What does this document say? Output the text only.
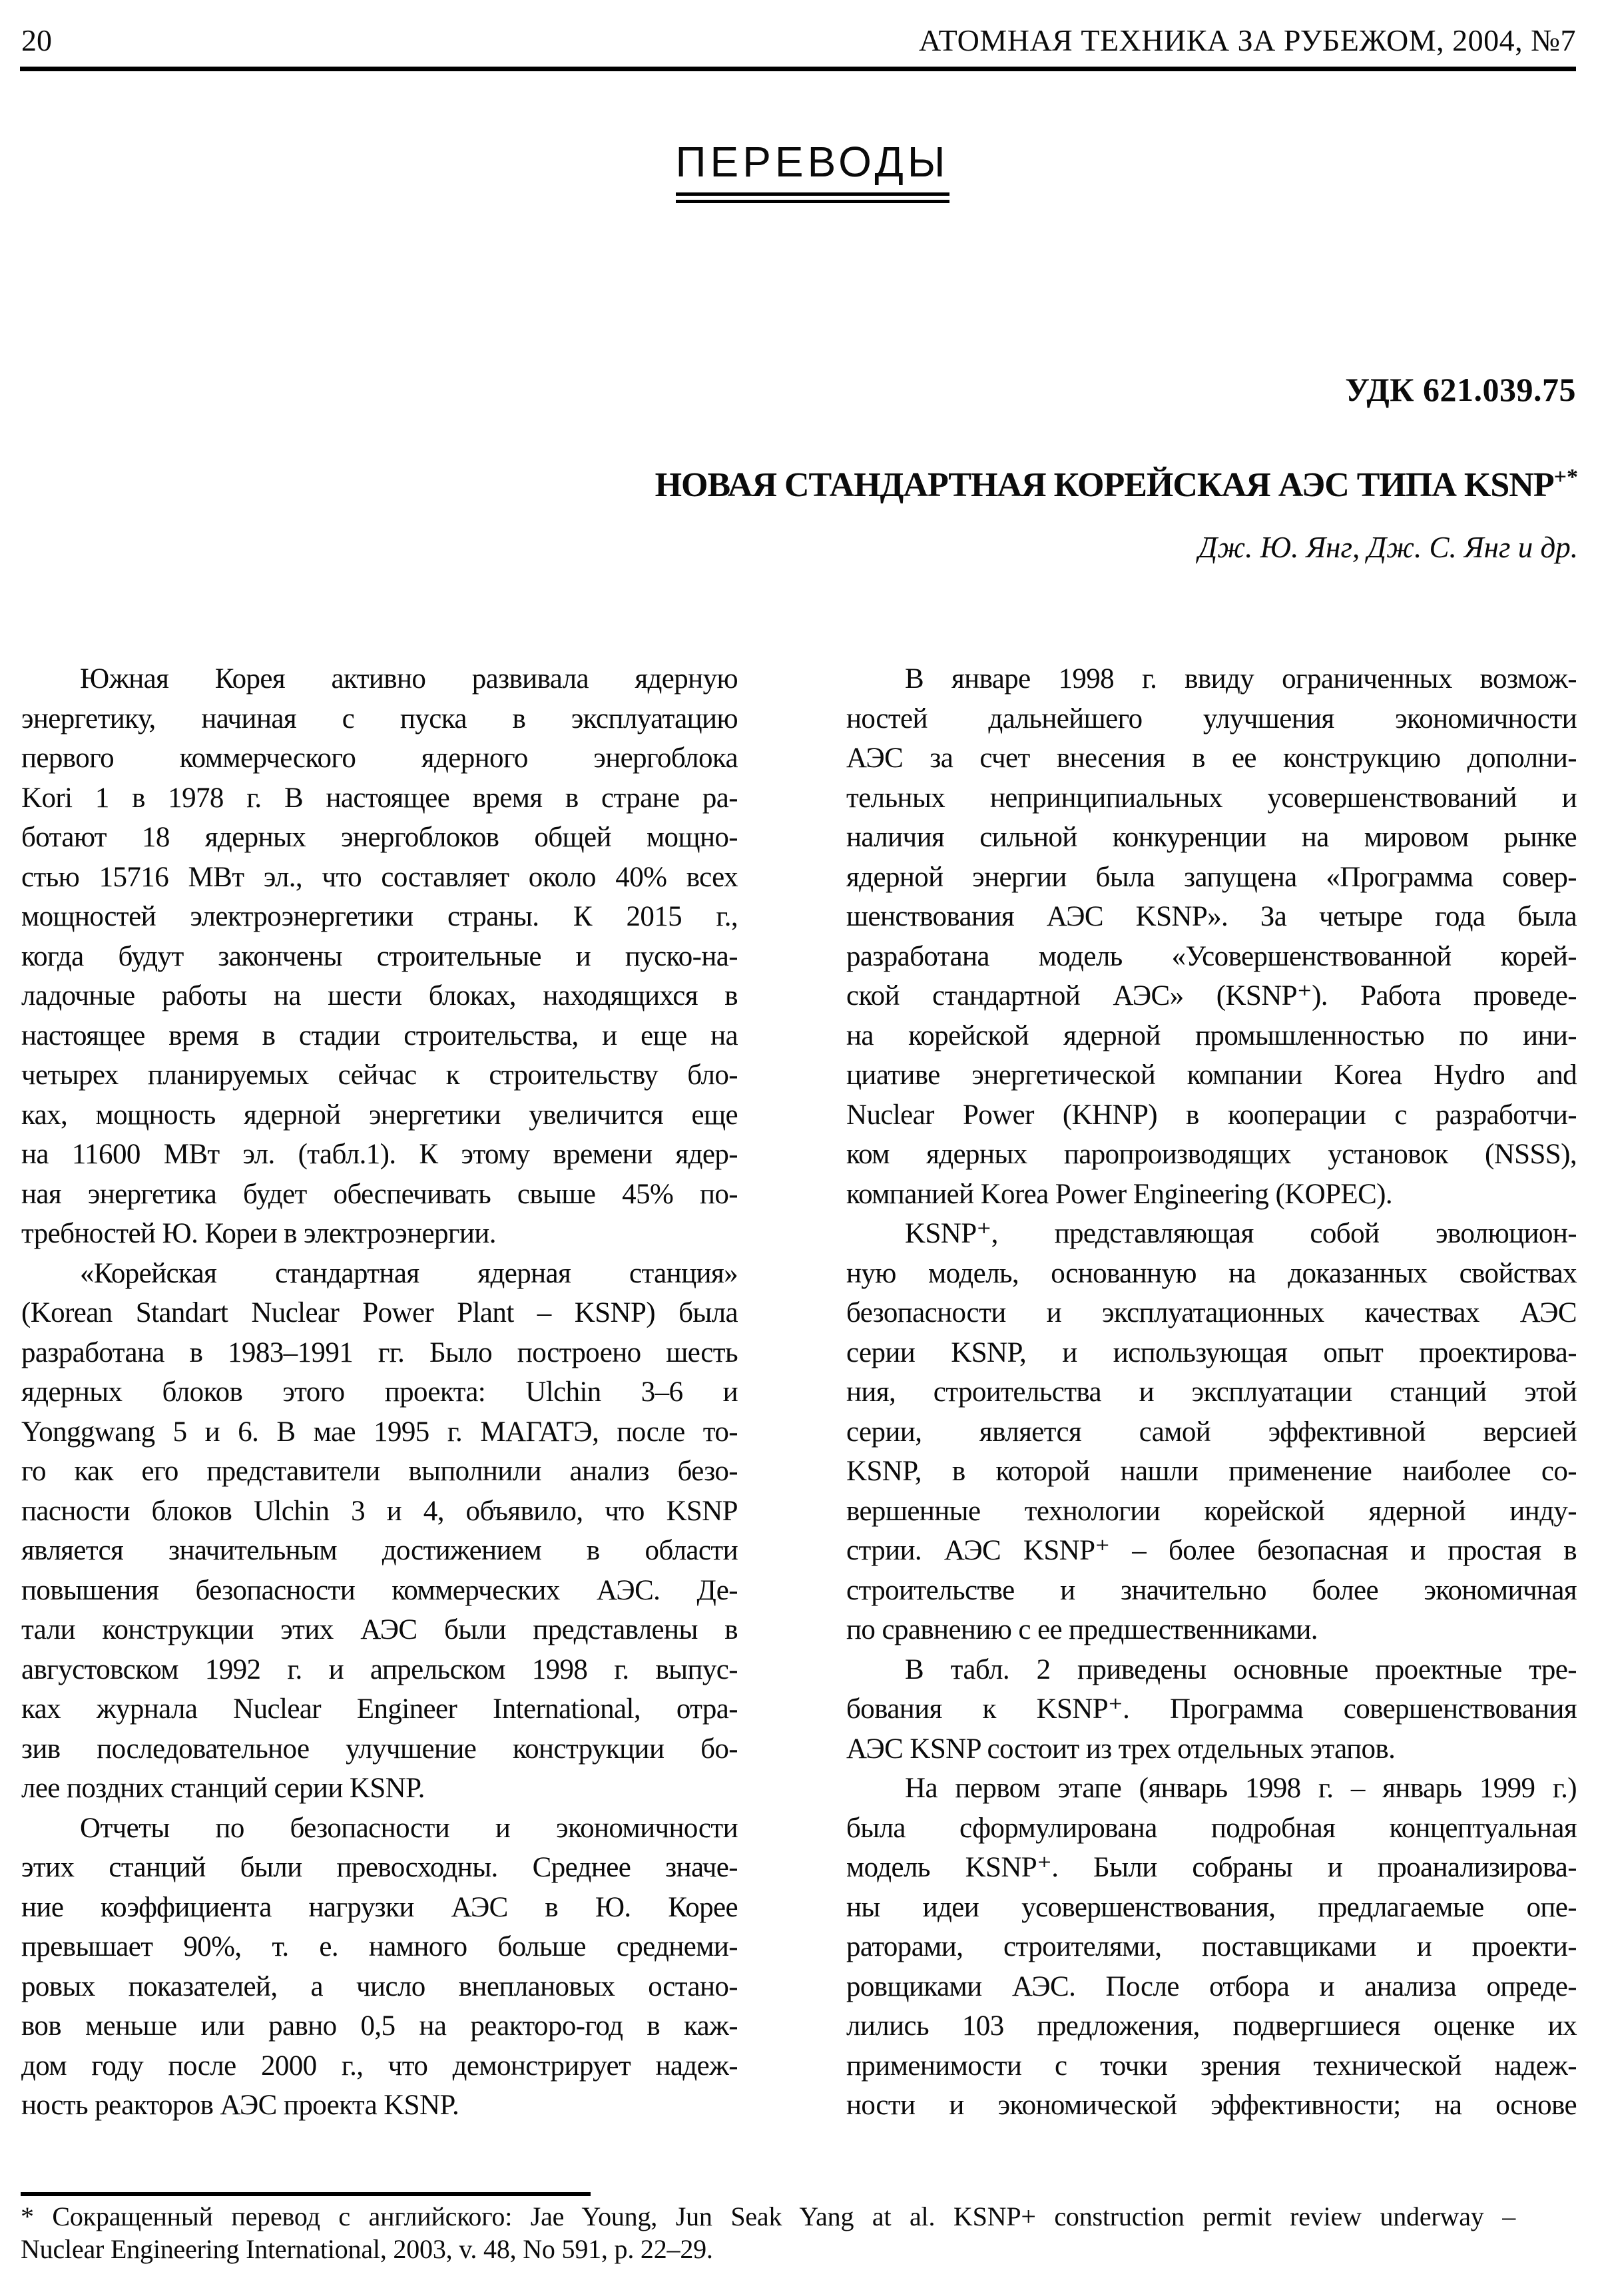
20	АТОМНАЯ ТЕХНИКА ЗА РУБЕЖОМ, 2004, №7
ПЕРЕВОДЫ
УДК 621.039.75
НОВАЯ СТАНДАРТНАЯ КОРЕЙСКАЯ АЭС ТИПА KSNP+*
Дж. Ю. Янг, Дж. С. Янг и др.
Южная Корея активно развивала ядерную
энергетику, начиная с пуска в эксплуатацию
первого коммерческого ядерного энергоблока
Kori 1 в 1978 г. В настоящее время в стране ра-
ботают 18 ядерных энергоблоков общей мощно-
стью 15716 МВт эл., что составляет около 40% всех
мощностей электроэнергетики страны. К 2015 г.,
когда будут закончены строительные и пуско-на-
ладочные работы на шести блоках, находящихся в
настоящее время в стадии строительства, и еще на
четырех планируемых сейчас к строительству бло-
ках, мощность ядерной энергетики увеличится еще
на 11600 МВт эл. (табл.1). К этому времени ядер-
ная энергетика будет обеспечивать свыше 45% по-
требностей Ю. Кореи в электроэнергии.
«Корейская стандартная ядерная станция»
(Korean Standart Nuclear Power Plant – KSNP) была
разработана в 1983–1991 гг. Было построено шесть
ядерных блоков этого проекта: Ulchin 3–6 и
Yonggwang 5 и 6. В мае 1995 г. МАГАТЭ, после то-
го как его представители выполнили анализ безо-
пасности блоков Ulchin 3 и 4, объявило, что KSNP
является значительным достижением в области
повышения безопасности коммерческих АЭС. Де-
тали конструкции этих АЭС были представлены в
августовском 1992 г. и апрельском 1998 г. выпус-
ках журнала Nuclear Engineer International, отра-
зив последовательное улучшение конструкции бо-
лее поздних станций серии KSNP.
Отчеты по безопасности и экономичности
этих станций были превосходны. Среднее значе-
ние коэффициента нагрузки АЭС в Ю. Корее
превышает 90%, т. е. намного больше среднеми-
ровых показателей, а число внеплановых остано-
вов меньше или равно 0,5 на реакторо-год в каж-
дом году после 2000 г., что демонстрирует надеж-
ность реакторов АЭС проекта KSNP.
В январе 1998 г. ввиду ограниченных возмож-
ностей дальнейшего улучшения экономичности
АЭС за счет внесения в ее конструкцию дополни-
тельных непринципиальных усовершенствований и
наличия сильной конкуренции на мировом рынке
ядерной энергии была запущена «Программа совер-
шенствования АЭС KSNP». За четыре года была
разработана модель «Усовершенствованной корей-
ской стандартной АЭС» (KSNP⁺). Работа проведе-
на корейской ядерной промышленностью по ини-
циативе энергетической компании Korea Hydro and
Nuclear Power (KHNP) в кооперации с разработчи-
ком ядерных паропроизводящих установок (NSSS),
компанией Korea Power Engineering (KOPEC).
KSNP⁺, представляющая собой эволюцион-
ную модель, основанную на доказанных свойствах
безопасности и эксплуатационных качествах АЭС
серии KSNP, и использующая опыт проектирова-
ния, строительства и эксплуатации станций этой
серии, является самой эффективной версией
KSNP, в которой нашли применение наиболее со-
вершенные технологии корейской ядерной инду-
стрии. АЭС KSNP⁺ – более безопасная и простая в
строительстве и значительно более экономичная
по сравнению с ее предшественниками.
В табл. 2 приведены основные проектные тре-
бования к KSNP⁺. Программа совершенствования
АЭС KSNP состоит из трех отдельных этапов.
На первом этапе (январь 1998 г. – январь 1999 г.)
была сформулирована подробная концептуальная
модель KSNP⁺. Были собраны и проанализирова-
ны идеи усовершенствования, предлагаемые опе-
раторами, строителями, поставщиками и проекти-
ровщиками АЭС. После отбора и анализа опреде-
лились 103 предложения, подвергшиеся оценке их
применимости с точки зрения технической надеж-
ности и экономической эффективности; на основе
* Сокращенный перевод с английского: Jae Young, Jun Seak Yang at al. KSNP+ construction permit review underway –
Nuclear Engineering International, 2003, v. 48, No 591, p. 22–29.
